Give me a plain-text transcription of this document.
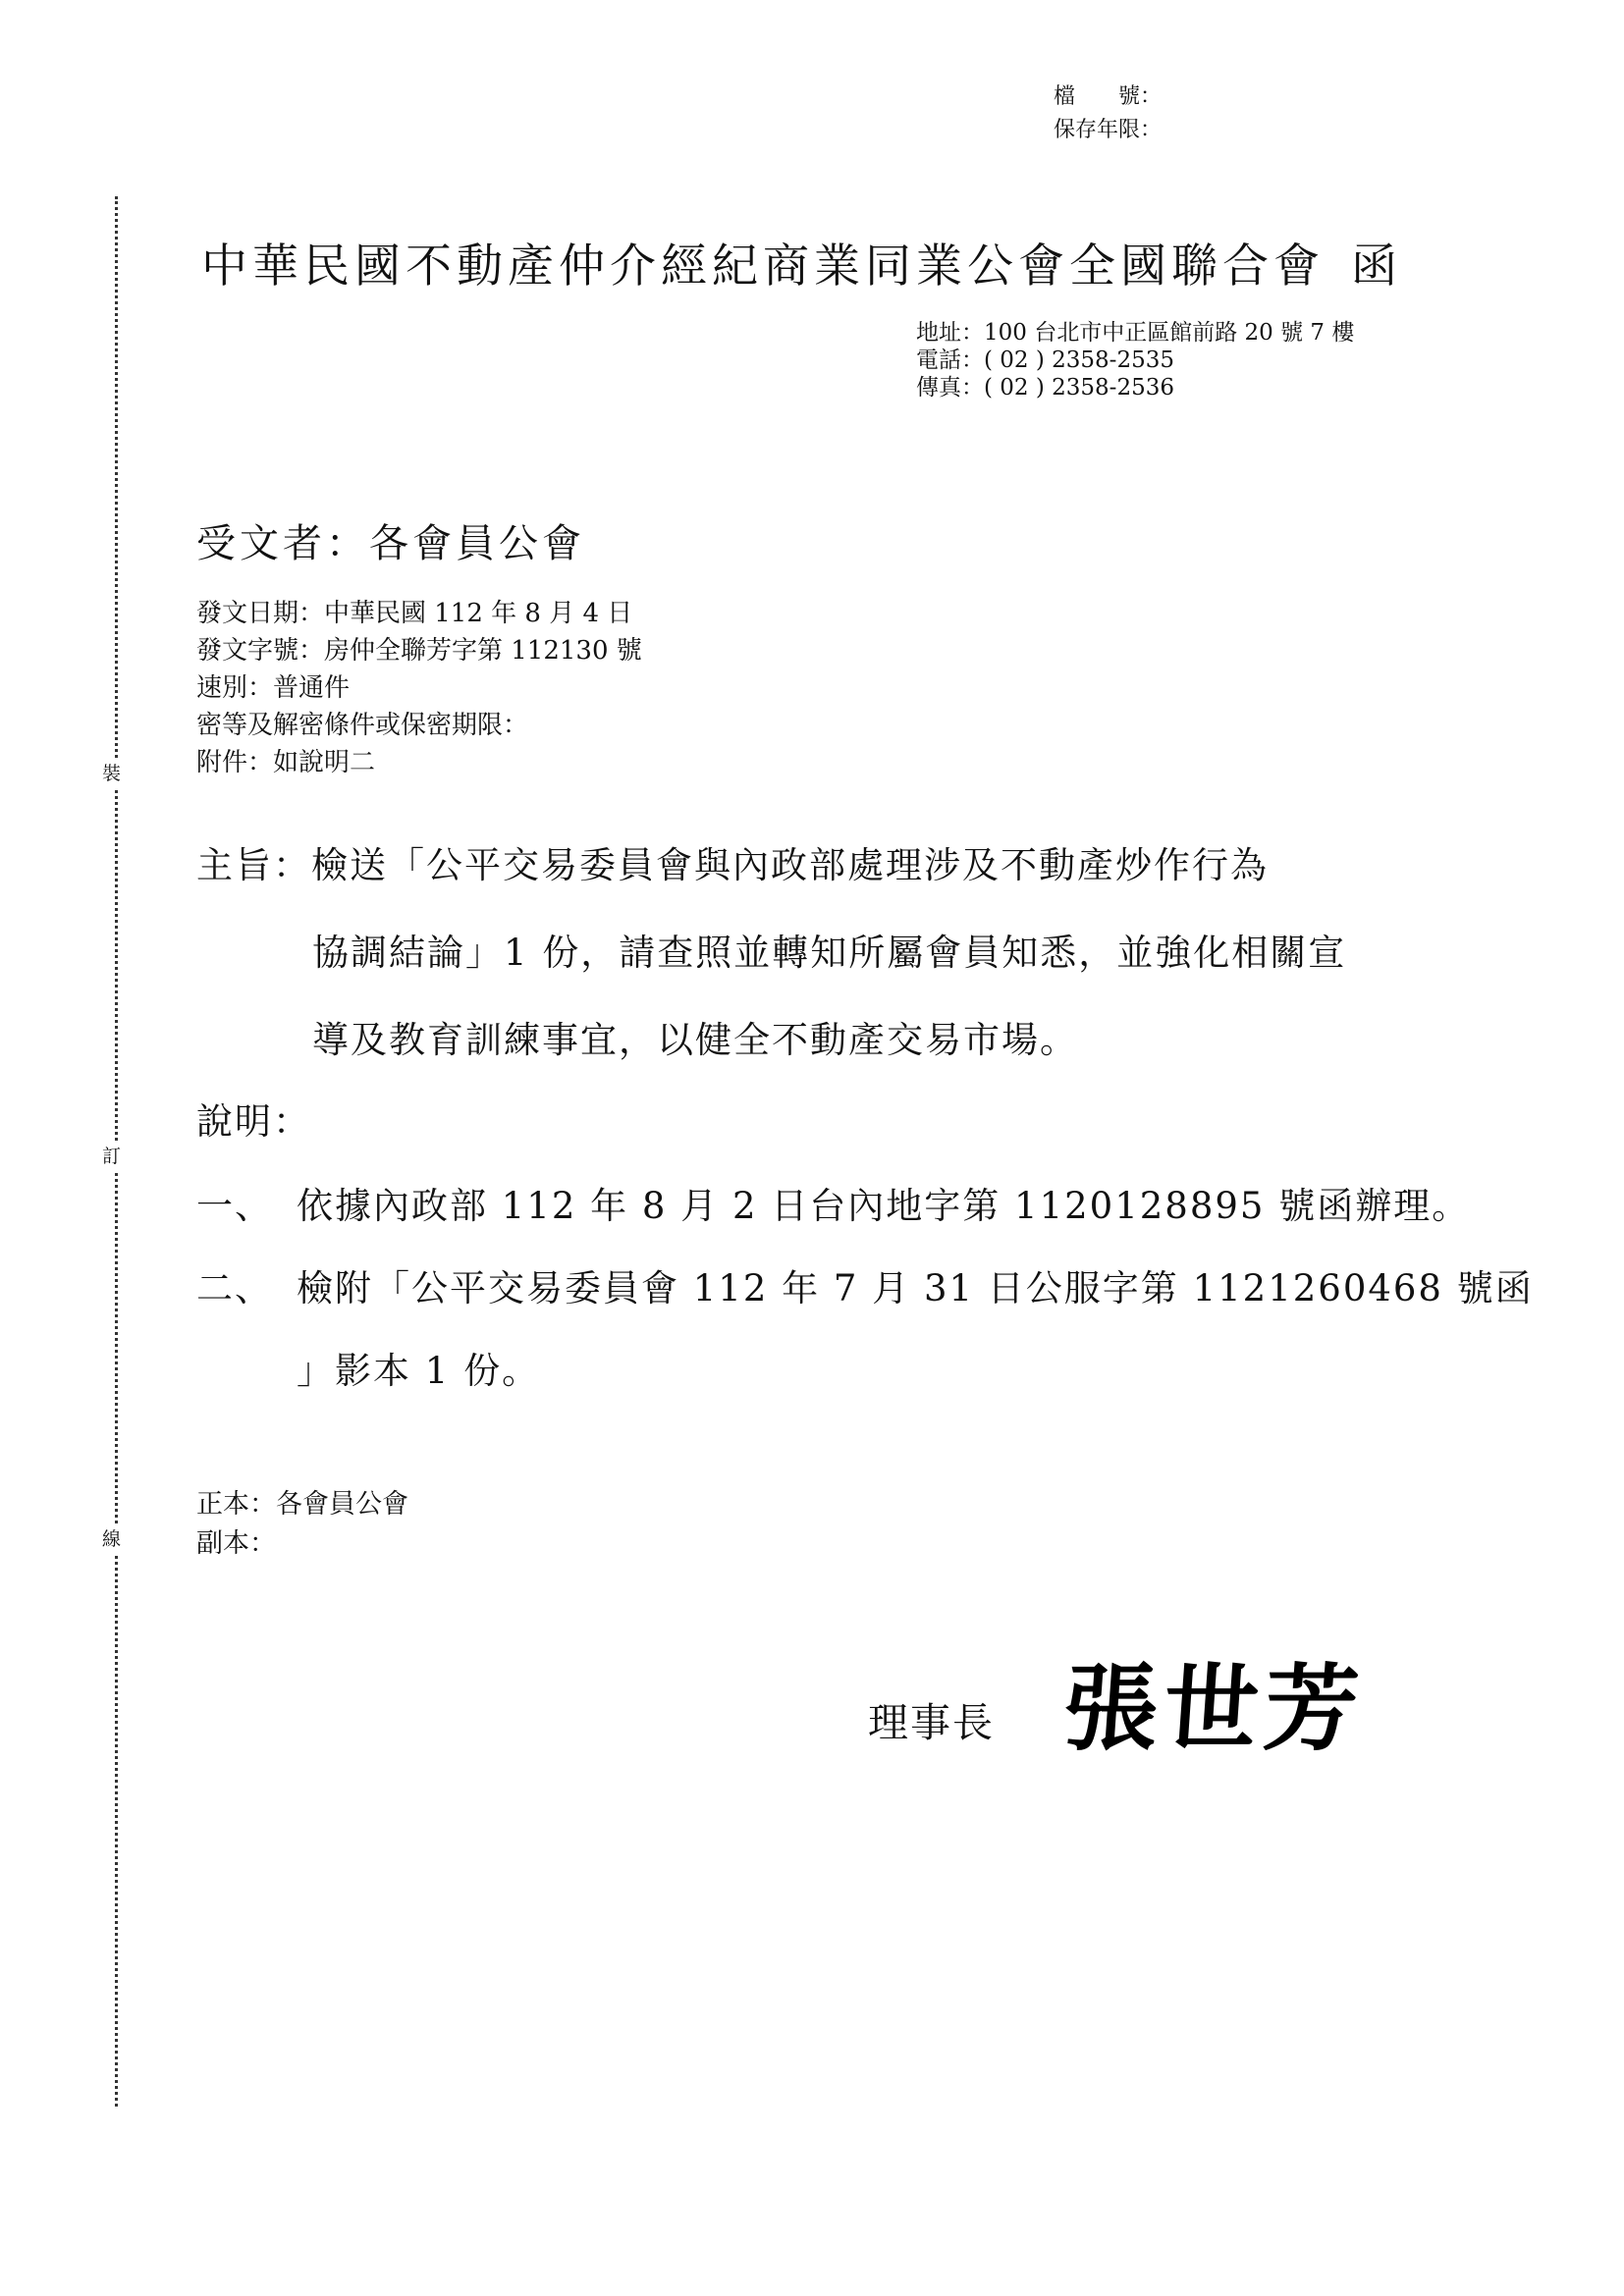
檔　　號：
保存年限：
裝
訂
線
中華民國不動產仲介經紀商業同業公會全國聯合會 函
地址：100 台北市中正區館前路 20 號 7 樓
電話：( 02 ) 2358-2535
傳真：( 02 ) 2358-2536
受文者：各會員公會
發文日期：中華民國 112 年 8 月 4 日
發文字號：房仲全聯芳字第 112130 號
速別：普通件
密等及解密條件或保密期限：
附件：如說明二
主旨：檢送「公平交易委員會與內政部處理涉及不動產炒作行為
協調結論」1 份，請查照並轉知所屬會員知悉，並強化相關宣
導及教育訓練事宜，以健全不動產交易市場。
說明：
一、 依據內政部 112 年 8 月 2 日台內地字第 1120128895 號函辦理。
二、 檢附「公平交易委員會 112 年 7 月 31 日公服字第 1121260468 號函
」影本 1 份。
正本：各會員公會
副本：
理事長 張世芳
